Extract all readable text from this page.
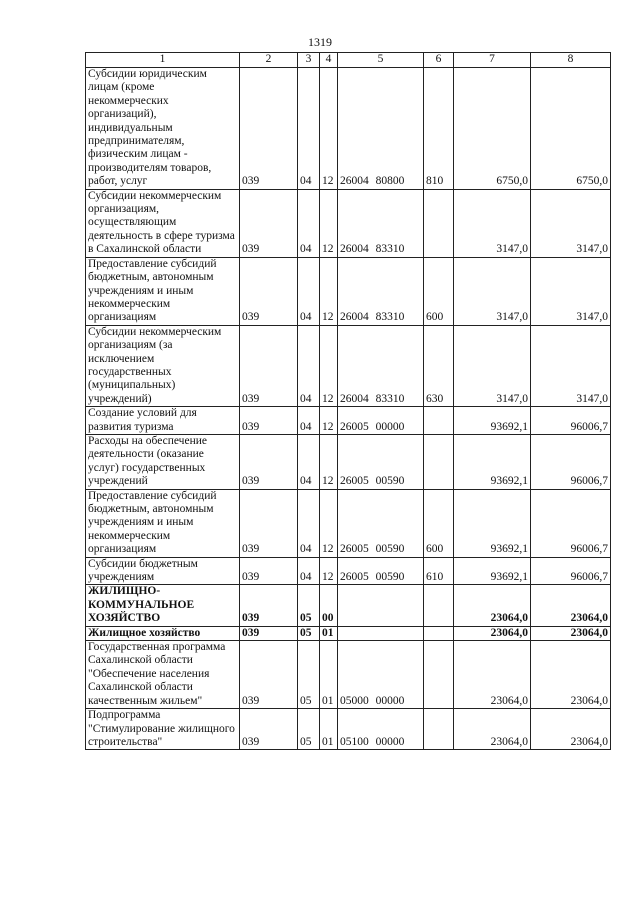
1319
1	2	3	4	5	6	7	8
Субсидии юридическим лицам (кроме некоммерческих организаций), индивидуальным предпринимателям, физическим лицам - производителям товаров, работ, услуг	039	04	12	26004 80800	810	6750,0	6750,0
Субсидии некоммерческим организациям, осуществляющим деятельность в сфере туризма в Сахалинской области	039	04	12	26004 83310		3147,0	3147,0
Предоставление субсидий бюджетным, автономным учреждениям и иным некоммерческим организациям	039	04	12	26004 83310	600	3147,0	3147,0
Субсидии некоммерческим организациям (за исключением государственных (муниципальных) учреждений)	039	04	12	26004 83310	630	3147,0	3147,0
Создание условий для развития туризма	039	04	12	26005 00000		93692,1	96006,7
Расходы на обеспечение деятельности (оказание услуг) государственных учреждений	039	04	12	26005 00590		93692,1	96006,7
Предоставление субсидий бюджетным, автономным учреждениям и иным некоммерческим организациям	039	04	12	26005 00590	600	93692,1	96006,7
Субсидии бюджетным учреждениям	039	04	12	26005 00590	610	93692,1	96006,7
ЖИЛИЩНО-КОММУНАЛЬНОЕ ХОЗЯЙСТВО	039	05	00			23064,0	23064,0
Жилищное хозяйство	039	05	01			23064,0	23064,0
Государственная программа Сахалинской области "Обеспечение населения Сахалинской области качественным жильем"	039	05	01	05000 00000		23064,0	23064,0
Подпрограмма "Стимулирование жилищного строительства"	039	05	01	05100 00000		23064,0	23064,0
